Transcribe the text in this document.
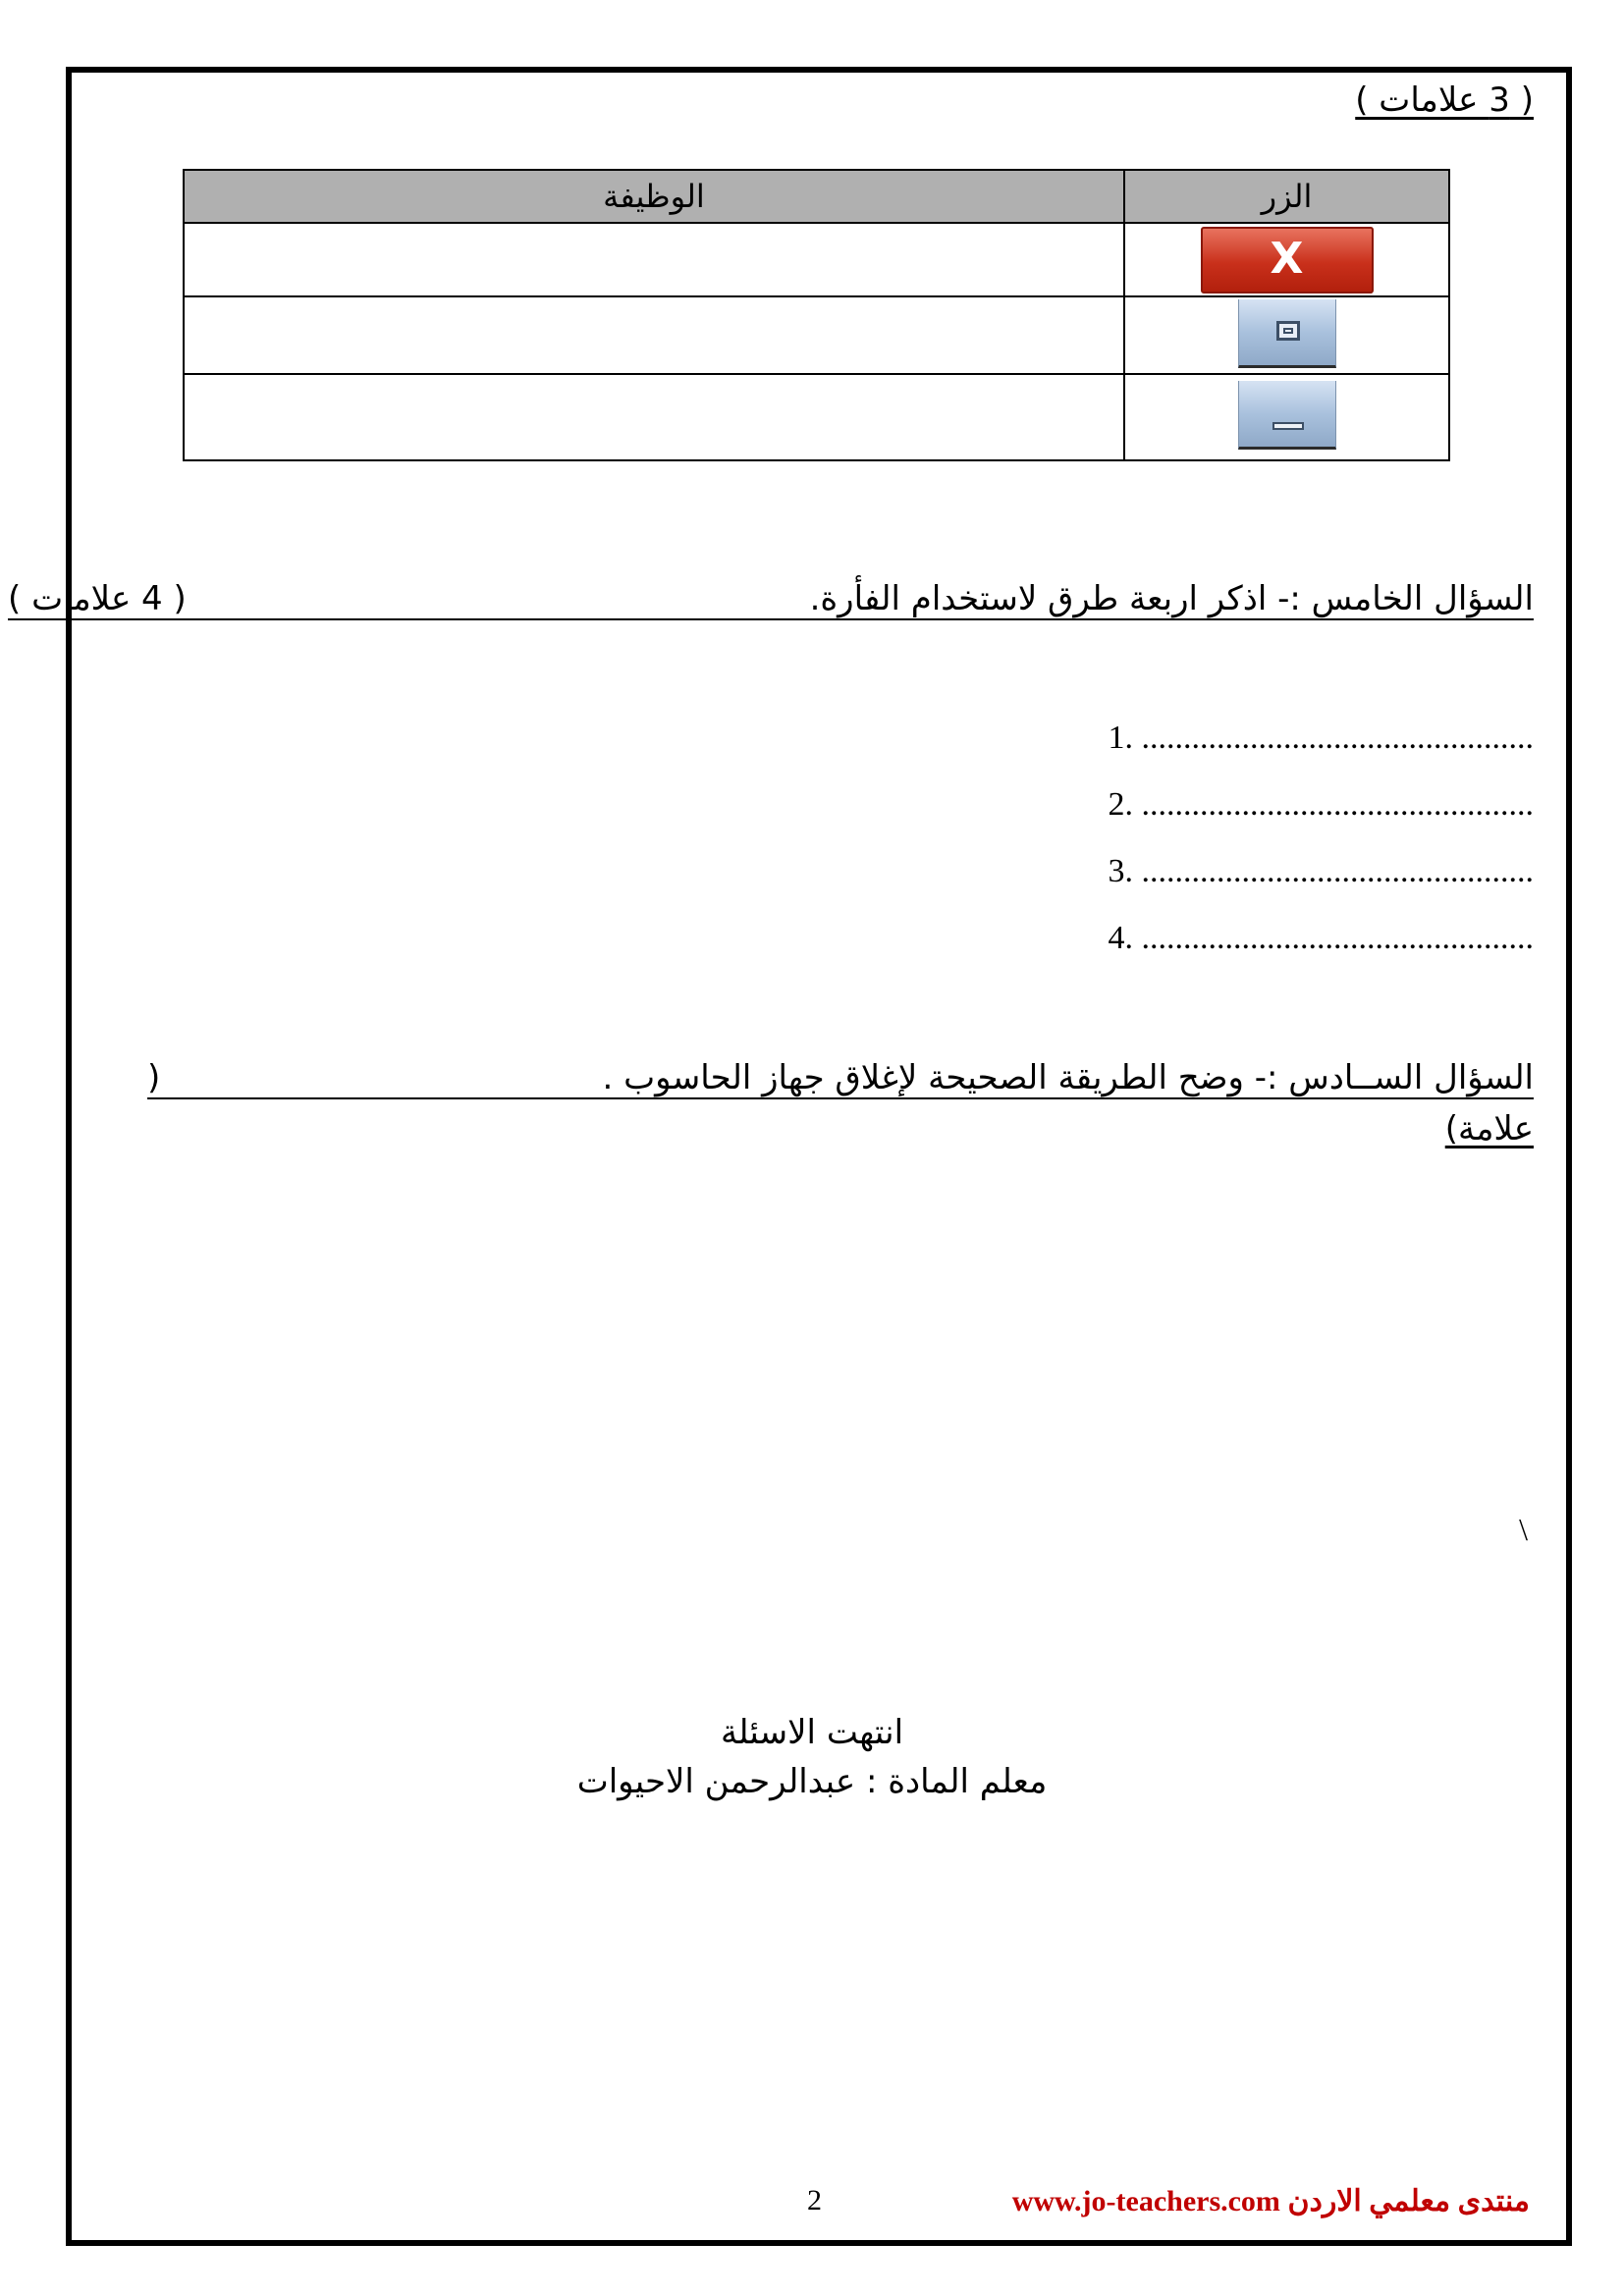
( 3 علامات )
الزر	الوظيفة
X	

السؤال الخامس :- اذكر اربعة طرق لاستخدام الفأرة.
( 4 علامات )
1. ...............................................
2. ...............................................
3. ...............................................
4. ...............................................
السؤال الســادس :- وضح الطريقة الصحيحة لإغلاق جهاز الحاسوب .
(
علامة)
\
انتهت الاسئلة
معلم المادة : عبدالرحمن الاحيوات
2	www.jo-teachers.com منتدى معلمي الاردن
